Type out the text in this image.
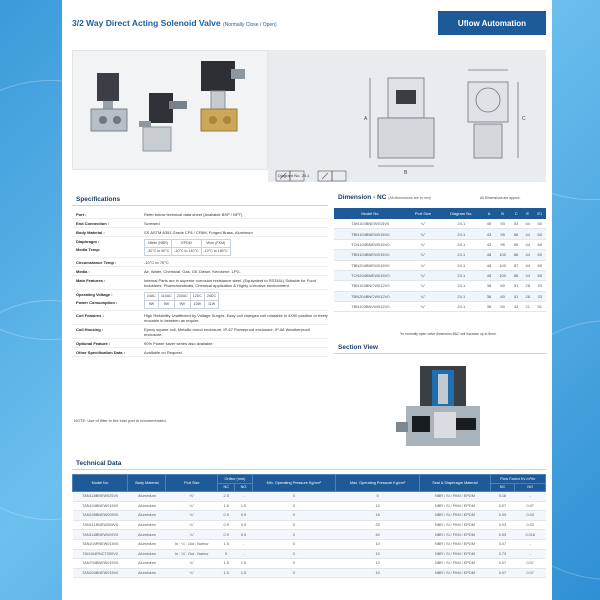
3/2 Way Direct Acting Solenoid Valve (Normally Close / Open)	Uflow Automation
A
B
C
Diagram No. 24.1
Specifications
Port :	Refer below technical data sheet (Available BSP / NPT)
End Connection :	Screwed
Body Material :	SS ASTM A351 Grade CF8 / CF8M, Forged Brass, Aluminum
Diaphragm :
Media Temp:
Nitrile (NBR)	EPDM	Viton (FKM)
-30°C to 90°C	-10°C to 140°C	-10°C to 180°C
Circumstance Temp :	-10°C to 70°C
Media :	Air, Water, Chemical, Gas, Oil, Diesel, Kerosene, LPG.
Main Features :	Internal Parts are in superior corrosion resistance steel. (Equivalent to SS316L) Suitable for Food Industries, Pharmaceuticals, Chemical application & Highly corrosive environment.
Operating Voltage :
Power Consumption :
24AC	110AC	230AC	12DC	24DC
9W	9W	9W	10W	11W
Coil Features :	High Reliability Unaffected by Voltage Surges. Easy coil changes coil rotatable in 4X90 position or freely movable in between as require.
Coil Housing :	Epoxy square coil, Metallic round enclosure, IP-67 Flameproof enclosure, IP-68 Weatherproof enclosure.
Optional Feature :	90% Power saver series also available.
Other Specification Data :	Available on Request.
NOTE: Use of filter in the inlet port is recommended.
Dimension - NC (All dimensions are in mm)	All Dimensions are approx.
Model No.	Port Size	Diagram No.	A	B	C	E	E1
TAN104BNEW015V0	¼"	24.1	45	93	83	44	60
TBN104BNEW015V0	¼"	24.1	43	95	86	44	60
TCN104BNEW015V0	¼"	24.1	43	95	85	44	60
TBN104BNEW015V0	¼"	24.1	48	100	86	44	60
TBN204BNEW015V0	¼"	24.1	48	100	87	44	60
TCN204BNEW015V0	¼"	24.1	48	100	86	44	60
TBN104BNCW012V0	¼"	24.1	38	60	51	28	33
TBN204BNCW012V0	¼"	24.1	38	60	51	28	33
TBN103BNVW012V0	¼"	24.1	36	50	43	21	51
*In normally open valve dimension B&C will increase up to 8mm.
Section View
Technical Data
Model No.	Body Material	Port Size	Orifice (mm)		Min. Operating Pressure Kg/cm²	Max. Operating Pressure Kg/cm²	Seal & Diaphragm Material	Flow Factor Kv m³/hr	
			NC	NO				NC	NO
TAN118BNEW025V0	Aluminium	⅛"	2.5	-	0	5	NBR / Si / FKM / EPDM	0.16	-
TAN104BNEW015V0	Aluminium	¼"	1.5	1.5	0	10	NBR / Si / FKM / EPDM	0.07	0.07
TAN105BNEW009V0	Aluminium	¼"	0.9	0.9	0	16	NBR / Si / FKM / EPDM	0.03	0.03
TAN111BNEW009V0	Aluminium	¼"	0.9	0.9	0	25	NBR / Si / FKM / EPDM	0.03	0.03
TAN118BNEW009V0	Aluminium	¼"	0.9	0.9	0	40	NBR / Si / FKM / EPDM	0.03	0.018
TAN104RNEW015V0	Aluminium	In : ¼", Out : Namur	1.5	-	0	10	NBR / Si / FKM / EPDM	0.07	-
TAN104RNCT050V0	Aluminium	In : ¼", Out : Namur	5	-	0	10	NBR / Si / FKM / EPDM	0.73	-
TAN704BNEW015V0	Aluminium	¼"	1.5	1.5	0	10	NBR / Si / FKM / EPDM	0.07	0.07
TAN204BNEW015V0	Aluminium	¼"	1.5	1.5	0	10	NBR / Si / FKM / EPDM	0.07	0.07
